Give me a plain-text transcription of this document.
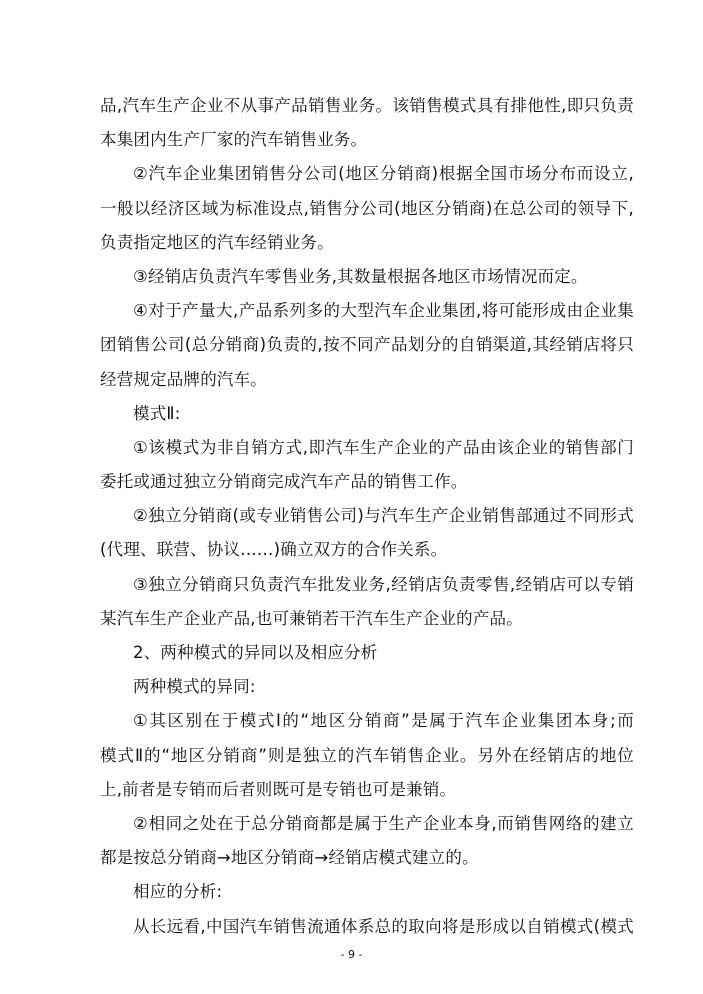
品,汽车生产企业不从事产品销售业务。该销售模式具有排他性,即只负责
本集团内生产厂家的汽车销售业务。
②汽车企业集团销售分公司(地区分销商)根据全国市场分布而设立,
一般以经济区域为标准设点,销售分公司(地区分销商)在总公司的领导下,
负责指定地区的汽车经销业务。
③经销店负责汽车零售业务,其数量根据各地区市场情况而定。
④对于产量大,产品系列多的大型汽车企业集团,将可能形成由企业集
团销售公司(总分销商)负责的,按不同产品划分的自销渠道,其经销店将只
经营规定品牌的汽车。
模式Ⅱ:
①该模式为非自销方式,即汽车生产企业的产品由该企业的销售部门
委托或通过独立分销商完成汽车产品的销售工作。
②独立分销商(或专业销售公司)与汽车生产企业销售部通过不同形式
(代理、联营、协议……)确立双方的合作关系。
③独立分销商只负责汽车批发业务,经销店负责零售,经销店可以专销
某汽车生产企业产品,也可兼销若干汽车生产企业的产品。
2、两种模式的异同以及相应分析
两种模式的异同:
①其区别在于模式Ⅰ的“地区分销商”是属于汽车企业集团本身;而
模式Ⅱ的“地区分销商”则是独立的汽车销售企业。另外在经销店的地位
上,前者是专销而后者则既可是专销也可是兼销。
②相同之处在于总分销商都是属于生产企业本身,而销售网络的建立
都是按总分销商→地区分销商→经销店模式建立的。
相应的分析:
从长远看,中国汽车销售流通体系总的取向将是形成以自销模式(模式
- 9 -
